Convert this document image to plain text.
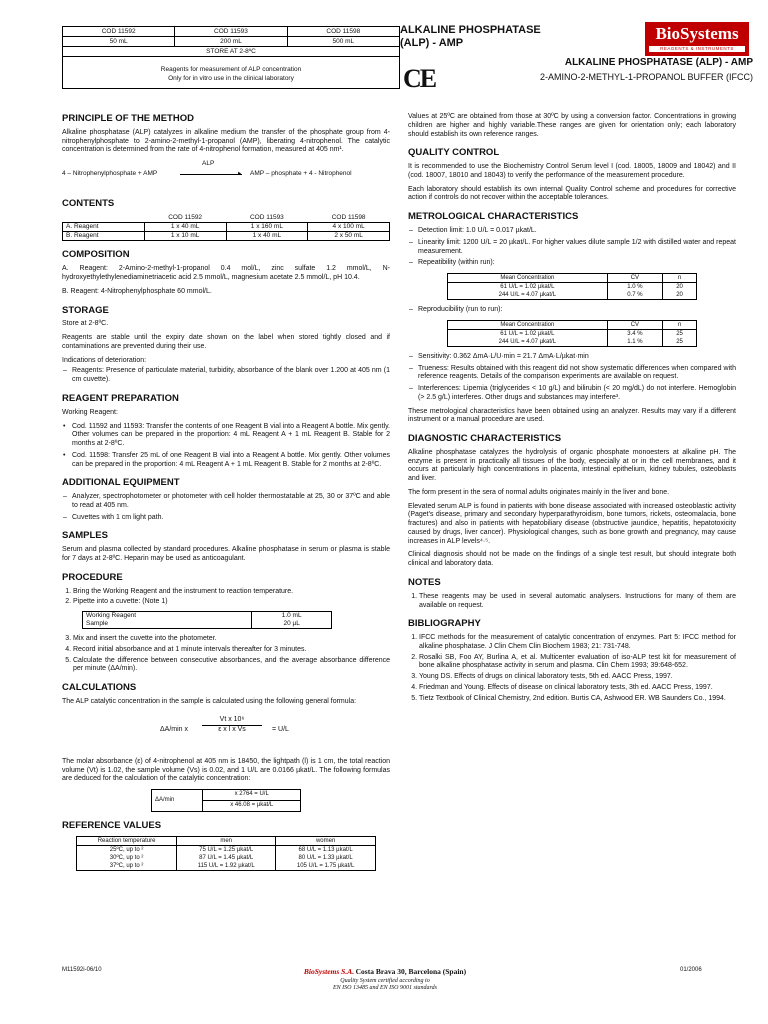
COD 11592	COD 11593	COD 11598
50 mL	200 mL	500 mL
STORE AT 2-8ºC		

Reagents for measurement of ALP concentration
Only for in vitro use in the clinical laboratory		
ALKALINE PHOSPHATASE
(ALP) - AMP	BioSystems
REAGENTS & INSTRUMENTS
CE
ALKALINE PHOSPHATASE (ALP) - AMP
2-AMINO-2-METHYL-1-PROPANOL BUFFER (IFCC)
PRINCIPLE OF THE METHOD

Alkaline phosphatase (ALP) catalyzes in alkaline medium the transfer of the phosphate group from 4-nitrophenylphosphate to 2-amino-2-methyl-1-propanol (AMP), liberating 4-nitrophenol. The catalytic concentration is determined from the rate of 4-nitrophenol formation, measured at 405 nm¹.

4 – Nitrophenylphosphate + AMP
ALP
▸ AMP – phosphate + 4 - Nitrophenol
CONTENTS
	COD 11592	COD 11593	COD 11598
A. Reagent	1 x 40 mL	1 x 160 mL	4 x 100 mL
B. Reagent	1 x 10 mL	1 x 40 mL	2 x 50 mL
COMPOSITION

A. Reagent: 2-Amino-2-methyl-1-propanol 0.4 mol/L, zinc sulfate 1.2 mmol/L, N-hydroxyethylethylenediaminetriacetic acid 2.5 mmol/L, magnesium acetate 2.5 mmol/L, pH 10.4.

B. Reagent: 4-Nitrophenylphosphate 60 mmol/L.

STORAGE

Store at 2-8ºC.

Reagents are stable until the expiry date shown on the label when stored tightly closed and if contaminations are prevented during their use.

Indications of deterioration:

– Reagents: Presence of particulate material, turbidity, absorbance of the blank over 1.200 at 405 nm (1 cm cuvette).
REAGENT PREPARATION

Working Reagent:

• Cod. 11592 and 11593: Transfer the contents of one Reagent B vial into a Reagent A bottle. Mix gently. Other volumes can be prepared in the proportion: 4 mL Reagent A + 1 mL Reagent B. Stable for 2 months at 2-8ºC.
• Cod. 11598: Transfer 25 mL of one Reagent B vial into a Reagent A bottle. Mix gently. Other volumes can be prepared in the proportion: 4 mL Reagent A + 1 mL Reagent B. Stable for 2 months at 2-8ºC.
ADDITIONAL EQUIPMENT
– Analyzer, spectrophotometer or photometer with cell holder thermostatable at 25, 30 or 37ºC and able to read at 405 nm.
– Cuvettes with 1 cm light path.
SAMPLES

Serum and plasma collected by standard procedures. Alkaline phosphatase in serum or plasma is stable for 7 days at 2-8ºC. Heparin may be used as anticoagulant.

PROCEDURE
1. Bring the Working Reagent and the instrument to reaction temperature.
2. Pipette into a cuvette: (Note 1)
Working Reagent	1.0 mL
Sample	20 µL
3. Mix and insert the cuvette into the photometer.
4. Record initial absorbance and at 1 minute intervals thereafter for 3 minutes.
5. Calculate the difference between consecutive absorbances, and the average absorbance difference per minute (ΔA/min).
CALCULATIONS

The ALP catalytic concentration in the sample is calculated using the following general formula:

ΔA/min x $\frac{\text{Vt x 10⁶}}{\text{ε x l x Vs}} = U/L$

The molar absorbance (ε) of 4-nitrophenol at 405 nm is 18450, the lightpath (l) is 1 cm, the total reaction volume (Vt) is 1.02, the sample volume (Vs) is 0.02, and 1 U/L are 0.0166 µkat/L. The following formulas are deduced for the calculation of the catalytic concentration:

ΔA/min	x 2764 = U/L
x 46.08 = µkat/L
REFERENCE VALUES
Reaction temperature	men	women
25ºC, up to ²	75 U/L = 1.25 µkat/L	68 U/L = 1.13 µkat/L
30ºC, up to ²	87 U/L = 1.45 µkat/L	80 U/L = 1.33 µkat/L
37ºC, up to ²	115 U/L = 1.92 µkat/L	105 U/L = 1.75 µkat/L

Values at 25ºC are obtained from those at 30ºC by using a conversion factor. Concentrations in growing children are higher and highly variable.These ranges are given for orientation only; each laboratory should establish its own reference ranges.

QUALITY CONTROL

It is recommended to use the Biochemistry Control Serum level I (cod. 18005, 18009 and 18042) and II (cod. 18007, 18010 and 18043) to verify the performance of the measurement procedure.

Each laboratory should establish its own internal Quality Control scheme and procedures for corrective action if controls do not recover within the acceptable tolerances.

METROLOGICAL CHARACTERISTICS
– Detection limit: 1.0 U/L = 0.017 µkat/L.
– Linearity limit: 1200 U/L = 20 µkat/L. For higher values dilute sample 1/2 with distilled water and repeat measurement.
– Repeatibility (within run):
Mean Concentration	CV	n
61 U/L = 1.02 µkat/L	1.0 %	20
244 U/L = 4.07 µkat/L	0.7 %	20
– Reproducibility (run to run):
Mean Concentration	CV	n
61 U/L = 1.02 µkat/L	3.4 %	25
244 U/L = 4.07 µkat/L	1.1 %	25
– Sensitivity: 0.362 ΔmA·L/U·min = 21.7 ΔmA·L/µkat·min
– Trueness: Results obtained with this reagent did not show systematic differences when compared with reference reagents. Details of the comparison experiments are available on request.
– Interferences: Lipemia (triglycerides < 10 g/L) and bilirubin (< 20 mg/dL) do not interfere. Hemoglobin (> 2.5 g/L) interferes. Other drugs and substances may interfere³.

These metrological characteristics have been obtained using an analyzer. Results may vary if a different instrument or a manual procedure are used.

DIAGNOSTIC CHARACTERISTICS

Alkaline phosphatase catalyzes the hydrolysis of organic phosphate monoesters at alkaline pH. The enzyme is present in practically all tissues of the body, especially at or in the cell membranes, and it occurs at particularly high concentrations in placenta, intestinal epithelium, kidney tubules, osteoblasts and liver.

The form present in the sera of normal adults originates mainly in the liver and bone.

Elevated serum ALP is found in patients with bone disease associated with increased osteoblastic activity (Paget's disease, primary and secondary hyperparathyroidism, bone tumors, rickets, osteomalacia, bone fractures) and also in patients with hepatobiliary disease (obstructive jaundice, hepatitis, hepatotoxicity caused by drugs, liver cancer). Physiological changes, such as bone growth and pregnancy, may cause increases in ALP levels⁴·⁵.

Clinical diagnosis should not be made on the findings of a single test result, but should integrate both clinical and laboratory data.

NOTES
1. These reagents may be used in several automatic analysers. Instructions for many of them are available on request.
BIBLIOGRAPHY
1. IFCC methods for the measurement of catalytic concentration of enzymes. Part 5: IFCC method for alkaline phosphatase. J Clin Chem Clin Biochem 1983; 21: 731-748.
2. Rosalki SB, Foo AY, Burlina A, et al. Multicenter evaluation of iso-ALP test kit for measurement of bone alkaline phosphatase activity in serum and plasma. Clin Chem 1993; 39:648-652.
3. Young DS. Effects of drugs on clinical laboratory tests, 5th ed. AACC Press, 1997.
4. Friedman and Young. Effects of disease on clinical laboratory tests, 3th ed. AACC Press, 1997.
5. Tietz Textbook of Clinical Chemistry, 2nd edition. Burtis CA, Ashwood ER. WB Saunders Co., 1994.
M11592i-06/10	BioSystems S.A. Costa Brava 30, Barcelona (Spain)
Quality System certified according to
EN ISO 13485 and EN ISO 9001 standards
01/2006
